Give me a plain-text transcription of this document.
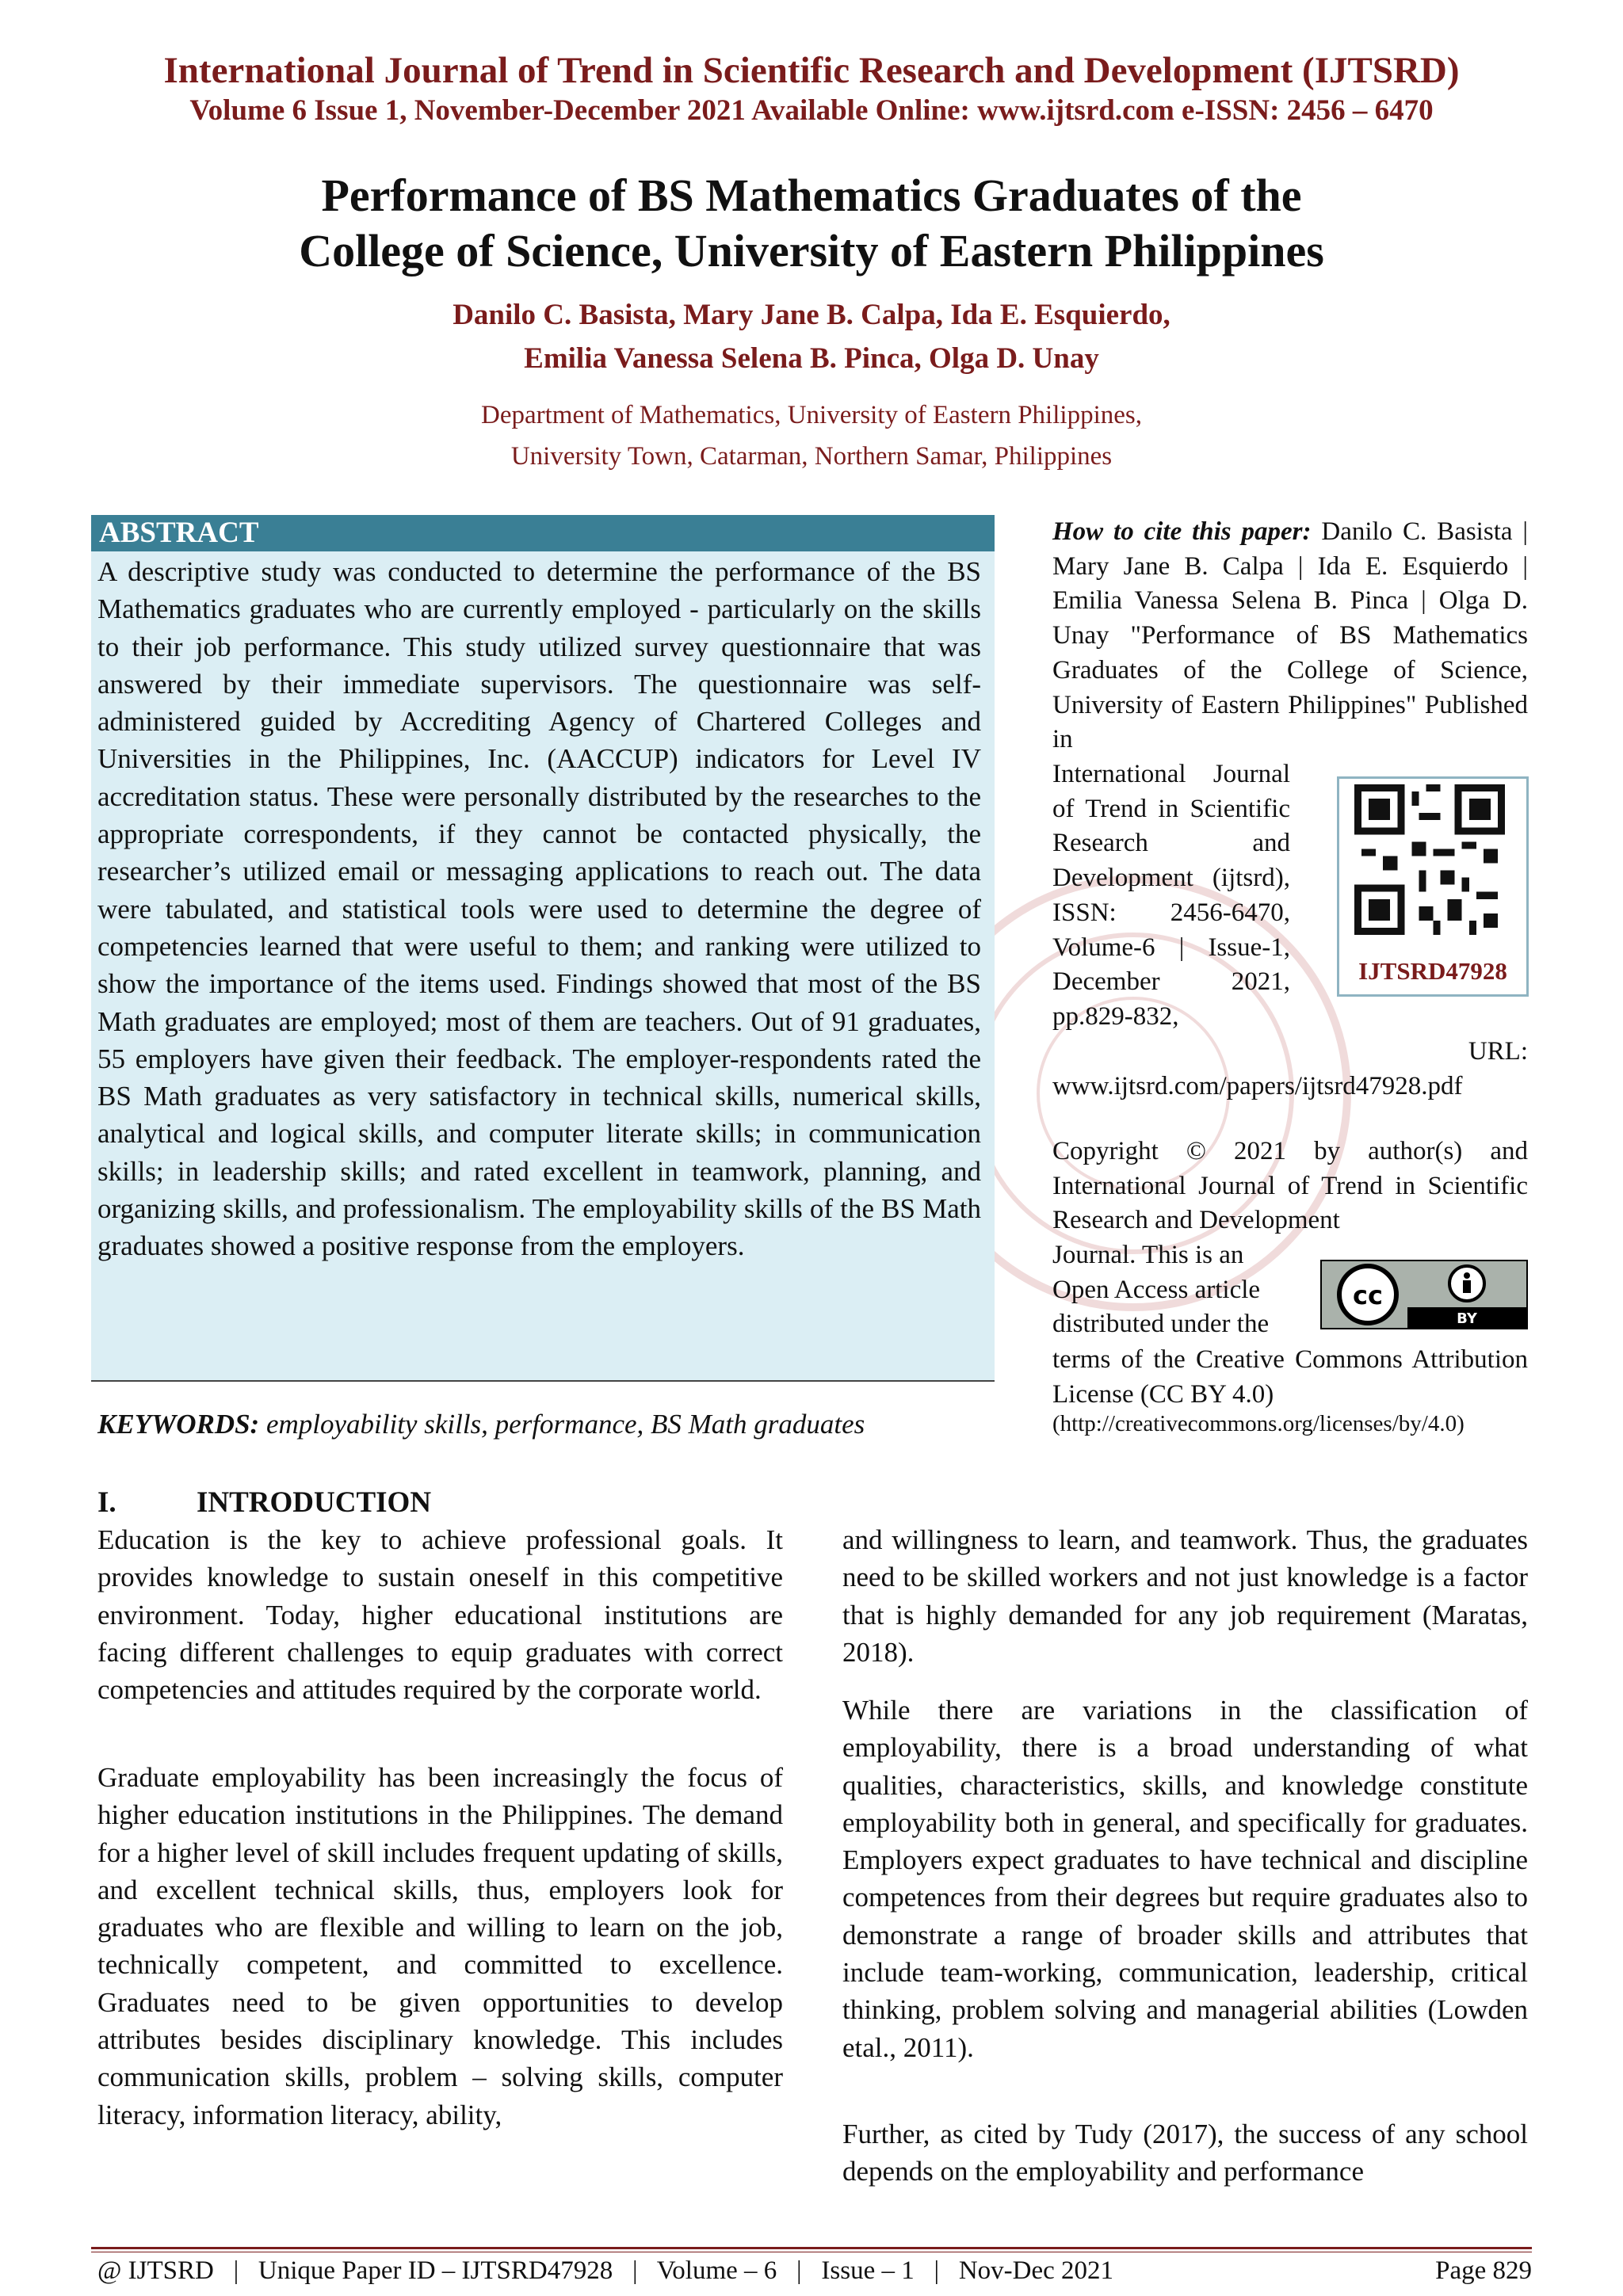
International Journal of Trend in Scientific Research and Development (IJTSRD)
Volume 6 Issue 1, November-December 2021 Available Online: www.ijtsrd.com e-ISSN: 2456 – 6470
Performance of BS Mathematics Graduates of the
College of Science, University of Eastern Philippines
Danilo C. Basista, Mary Jane B. Calpa, Ida E. Esquierdo,
Emilia Vanessa Selena B. Pinca, Olga D. Unay
Department of Mathematics, University of Eastern Philippines,
University Town, Catarman, Northern Samar, Philippines
ABSTRACT
A descriptive study was conducted to determine the performance of the BS Mathematics graduates who are currently employed - particularly on the skills to their job performance. This study utilized survey questionnaire that was answered by their immediate supervisors. The questionnaire was self-administered guided by Accrediting Agency of Chartered Colleges and Universities in the Philippines, Inc. (AACCUP) indicators for Level IV accreditation status. These were personally distributed by the researches to the appropriate correspondents, if they cannot be contacted physically, the researcher’s utilized email or messaging applications to reach out. The data were tabulated, and statistical tools were used to determine the degree of competencies learned that were useful to them; and ranking were utilized to show the importance of the items used. Findings showed that most of the BS Math graduates are employed; most of them are teachers. Out of 91 graduates, 55 employers have given their feedback. The employer-respondents rated the BS Math graduates as very satisfactory in technical skills, numerical skills, analytical and logical skills, and computer literate skills; in communication skills; in leadership skills; and rated excellent in teamwork, planning, and organizing skills, and professionalism. The employability skills of the BS Math graduates showed a positive response from the employers.
KEYWORDS: employability skills, performance, BS Math graduates
How to cite this paper: Danilo C. Basista | Mary Jane B. Calpa | Ida E. Esquierdo | Emilia Vanessa Selena B. Pinca | Olga D. Unay "Performance of BS Mathematics Graduates of the College of Science, University of Eastern Philippines" Published in
International Journal of Trend in Scientific Research and Development (ijtsrd), ISSN: 2456-6470, Volume-6 | Issue-1, December 2021, pp.829-832,
URL:
www.ijtsrd.com/papers/ijtsrd47928.pdf
IJTSRD47928
Copyright © 2021 by author(s) and International Journal of Trend in Scientific Research and Development
Journal. This is an Open Access article distributed under the
cc
BY
terms of the Creative Commons Attribution License (CC BY 4.0)
(http://creativecommons.org/licenses/by/4.0)
I.	INTRODUCTION
Education is the key to achieve professional goals. It provides knowledge to sustain oneself in this competitive environment. Today, higher educational institutions are facing different challenges to equip graduates with correct competencies and attitudes required by the corporate world.
Graduate employability has been increasingly the focus of higher education institutions in the Philippines. The demand for a higher level of skill includes frequent updating of skills, and excellent technical skills, thus, employers look for graduates who are flexible and willing to learn on the job, technically competent, and committed to excellence. Graduates need to be given opportunities to develop attributes besides disciplinary knowledge. This includes communication skills, problem – solving skills, computer literacy, information literacy, ability,
and willingness to learn, and teamwork. Thus, the graduates need to be skilled workers and not just knowledge is a factor that is highly demanded for any job requirement (Maratas, 2018).
While there are variations in the classification of employability, there is a broad understanding of what qualities, characteristics, skills, and knowledge constitute employability both in general, and specifically for graduates. Employers expect graduates to have technical and discipline competences from their degrees but require graduates also to demonstrate a range of broader skills and attributes that include team-working, communication, leadership, critical thinking, problem solving and managerial abilities (Lowden etal., 2011).
Further, as cited by Tudy (2017), the success of any school depends on the employability and performance
@ IJTSRD   |   Unique Paper ID – IJTSRD47928   |   Volume – 6   |   Issue – 1   |   Nov-Dec 2021	Page 829
